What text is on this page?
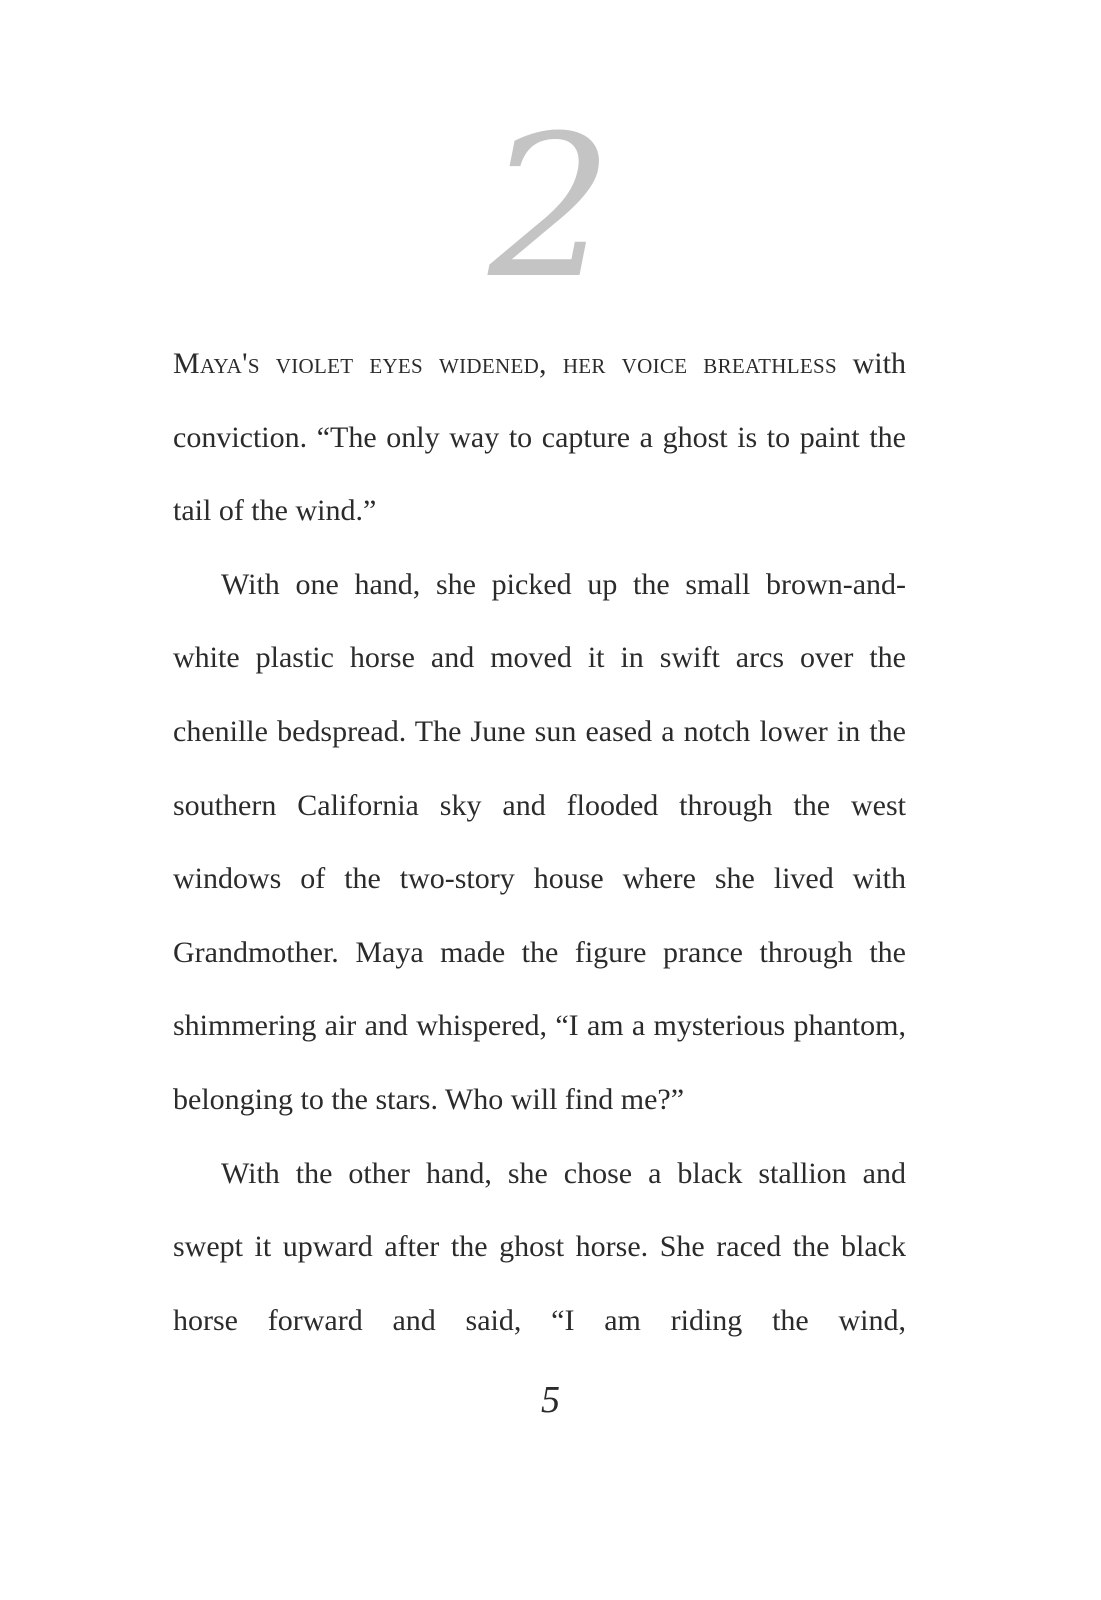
2

Maya's violet eyes widened, her voice breathless with conviction. “The only way to capture a ghost is to paint the tail of the wind.”

With one hand, she picked up the small brown-and-white plastic horse and moved it in swift arcs over the chenille bedspread. The June sun eased a notch lower in the southern California sky and flooded through the west windows of the two-story house where she lived with Grandmother. Maya made the figure prance through the shimmering air and whispered, “I am a mysterious phantom, belonging to the stars. Who will find me?”

With the other hand, she chose a black stallion and swept it upward after the ghost horse. She raced the black horse forward and said, “I am riding the wind,

5
